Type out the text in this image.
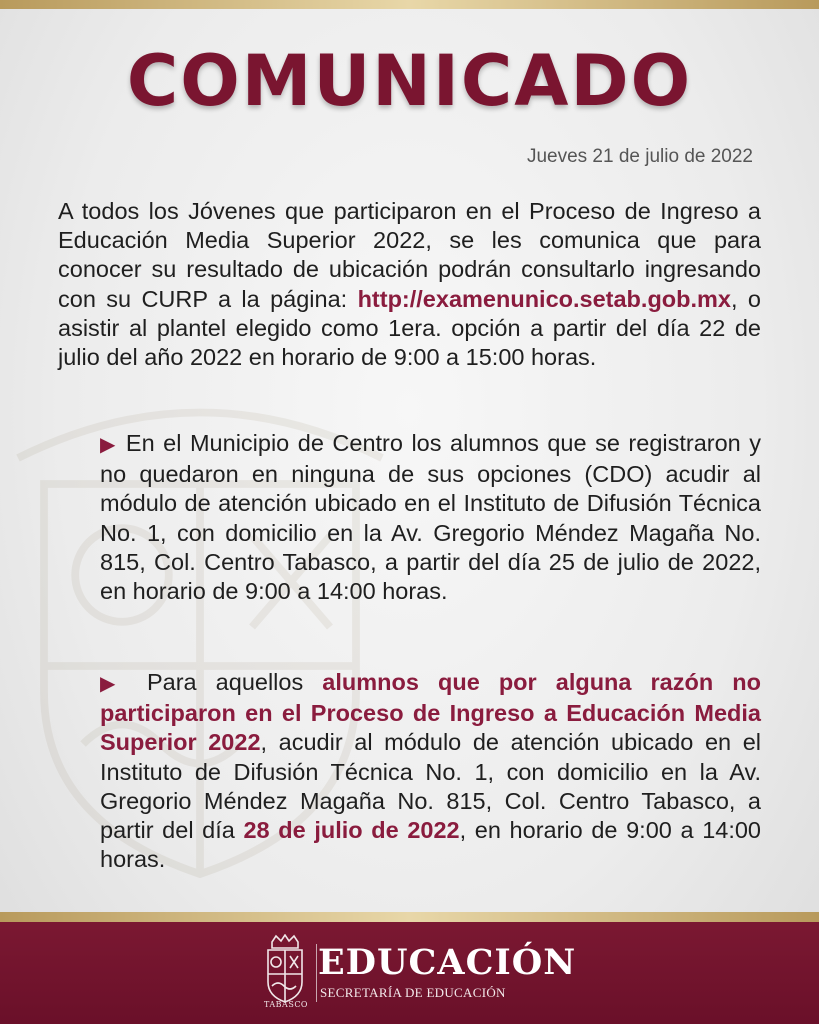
COMUNICADO
Jueves 21 de julio de 2022

A todos los Jóvenes que participaron en el Proceso de Ingreso a Educación Media Superior 2022, se les comunica que para conocer su resultado de ubicación podrán consultarlo ingresando con su CURP a la página: http://examenunico.setab.gob.mx, o asistir al plantel elegido como 1era. opción a partir del día 22 de julio del año 2022 en horario de 9:00 a 15:00 horas.

▶ En el Municipio de Centro los alumnos que se registraron y no quedaron en ninguna de sus opciones (CDO) acudir al módulo de atención ubicado en el Instituto de Difusión Técnica No. 1, con domicilio en la Av. Gregorio Méndez Magaña No. 815, Col. Centro Tabasco, a partir del día 25 de julio de 2022, en horario de 9:00 a 14:00 horas.

▶ Para aquellos alumnos que por alguna razón no participaron en el Proceso de Ingreso a Educación Media Superior 2022, acudir al módulo de atención ubicado en el Instituto de Difusión Técnica No. 1, con domicilio en la Av. Gregorio Méndez Magaña No. 815, Col. Centro Tabasco, a partir del día 28 de julio de 2022, en horario de 9:00 a 14:00 horas.

TABASCO
EDUCACIÓN
SECRETARÍA DE EDUCACIÓN
